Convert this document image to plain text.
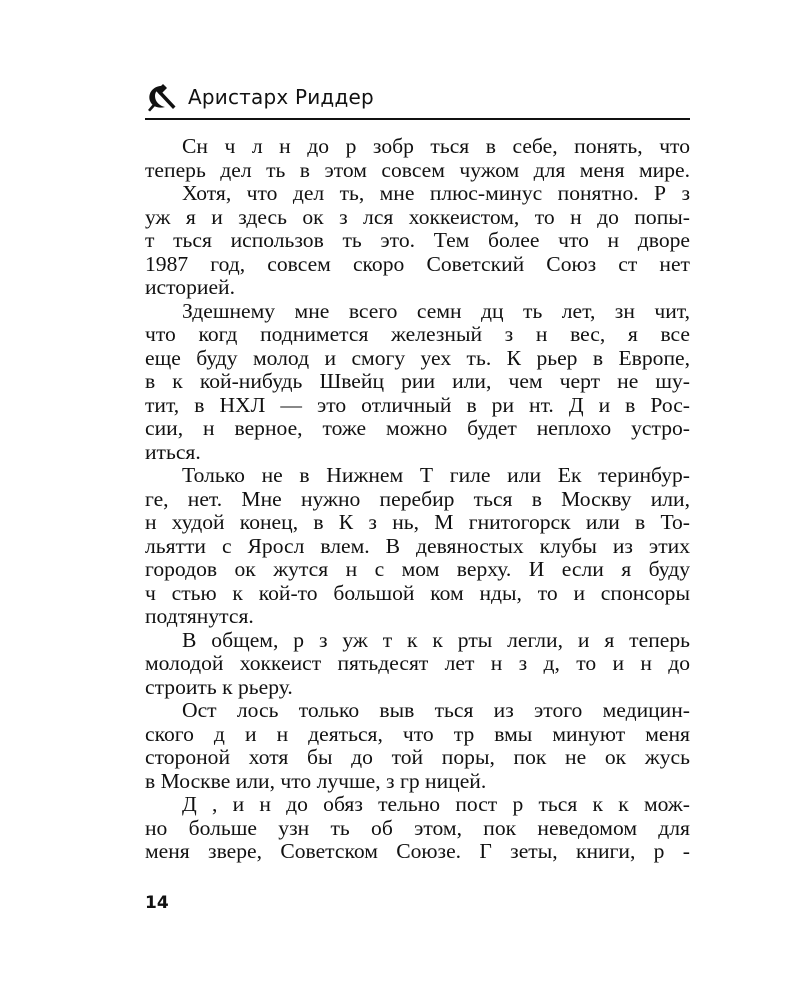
Аристарх Риддер
Сн ч л н до р зобр ться в себе, понять, что
теперь дел ть в этом совсем чужом для меня мире.
Хотя, что дел ть, мне плюс-минус понятно. Р з
уж я и здесь ок з лся хоккеистом, то н до попы-
т ться использов ть это. Тем более что н дворе
1987 год, совсем скоро Советский Союз ст нет
историей.
Здешнему мне всего семн дц ть лет, зн чит,
что когд поднимется железный з н вес, я все
еще буду молод и смогу уех ть. К рьер в Европе,
в к кой-нибудь Швейц рии или, чем черт не шу-
тит, в НХЛ — это отличный в ри нт. Д и в Рос-
сии, н верное, тоже можно будет неплохо устро-
иться.
Только не в Нижнем Т гиле или Ек теринбур-
ге, нет. Мне нужно перебир ться в Москву или,
н худой конец, в К з нь, М гнитогорск или в То-
льятти с Яросл влем. В девяностых клубы из этих
городов ок жутся н с мом верху. И если я буду
ч стью к кой-то большой ком нды, то и спонсоры
подтянутся.
В общем, р з уж т к к рты легли, и я теперь
молодой хоккеист пятьдесят лет н з д, то и н до
строить к рьеру.
Ост лось только выв ться из этого медицин-
ского д и н деяться, что тр вмы минуют меня
стороной хотя бы до той поры, пок не ок жусь
в Москве или, что лучше, з гр ницей.
Д , и н до обяз тельно пост р ться к к мож-
но больше узн ть об этом, пок неведомом для
меня звере, Советском Союзе. Г зеты, книги, р -
14
